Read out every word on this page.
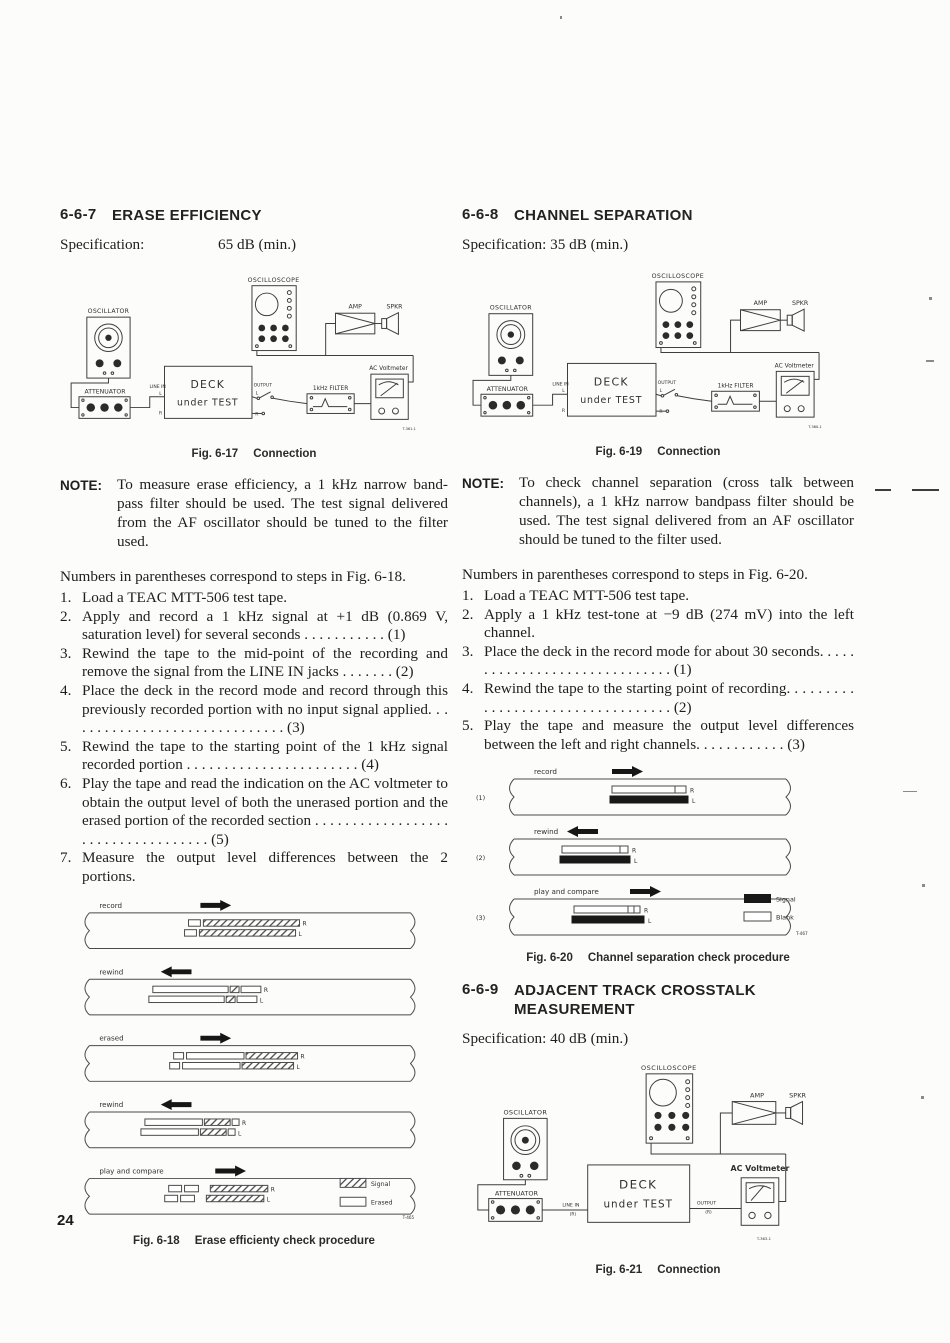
6-6-7	ERASE EFFICIENCY
Specification:	65 dB (min.)
OSCILLOSCOPE
AMP	SPKR
OSCILLATOR
ATTENUATOR
DECK
under TEST
LINE IN
L
R
OUTPUT
L
R
1kHz FILTER
AC Voltmeter
T-361-1
Fig. 6-17 Connection
NOTE: To measure erase efficiency, a 1 kHz narrow band-pass filter should be used. The test signal delivered from the AF oscillator should be tuned to the filter used.

Numbers in parentheses correspond to steps in Fig. 6-18.

1. Load a TEAC MTT-506 test tape.
2. Apply and record a 1 kHz signal at +1 dB (0.869 V, saturation level) for several seconds . . . . . . . . . . . (1)
3. Rewind the tape to the mid-point of the recording and remove the signal from the LINE IN jacks . . . . . . . (2)
4. Place the deck in the record mode and record through this previously recorded portion with no input signal applied. . . . . . . . . . . . . . . . . . . . . . . . . . . . . . (3)
5. Rewind the tape to the starting point of the 1 kHz signal recorded portion . . . . . . . . . . . . . . . . . . . . . . . (4)
6. Play the tape and read the indication on the AC voltmeter to obtain the output level of both the unerased portion and the erased portion of the recorded section . . . . . . . . . . . . . . . . . . . . . . . . . . . . . . . . . . . (5)
7. Measure the output level differences between the 2 portions.
record
R
L
rewind
R
L
erased
R
L
rewind
R
L
play and compare
R
L
Signal
Erased
T-465
Fig. 6-18 Erase efficienty check procedure
6-6-8	CHANNEL SEPARATION
Specification: 35 dB (min.)
OSCILLOSCOPE
AMP	SPKR
OSCILLATOR
ATTENUATOR
DECK
under TEST
LINE IN
L
R
OUTPUT
L
R
1kHz FILTER
AC Voltmeter
T-360-1
Fig. 6-19 Connection
NOTE: To check channel separation (cross talk between channels), a 1 kHz narrow bandpass filter should be used. The test signal delivered from an AF oscillator should be tuned to the filter used.

Numbers in parentheses correspond to steps in Fig. 6-20.

1. Load a TEAC MTT-506 test tape.
2. Apply a 1 kHz test-tone at −9 dB (274 mV) into the left channel.
3. Place the deck in the record mode for about 30 seconds. . . . . . . . . . . . . . . . . . . . . . . . . . . . . . (1)
4. Rewind the tape to the starting point of recording. . . . . . . . . . . . . . . . . . . . . . . . . . . . . . . . . . (2)
5. Play the tape and measure the output level differences between the left and right channels. . . . . . . . . . . . (3)
(1)
record
R
L
(2)
rewind
R
L
(3)
play and compare
R
L
Signal
Blank
T-467
Fig. 6-20 Channel separation check procedure
6-6-9	ADJACENT TRACK CROSSTALK MEASUREMENT
Specification: 40 dB (min.)
OSCILLOSCOPE
AMP	SPKR
OSCILLATOR
ATTENUATOR
DECK
under TEST
LINE IN
(R)
OUTPUT
(R)
AC Voltmeter
T-363-1
Fig. 6-21 Connection
24
